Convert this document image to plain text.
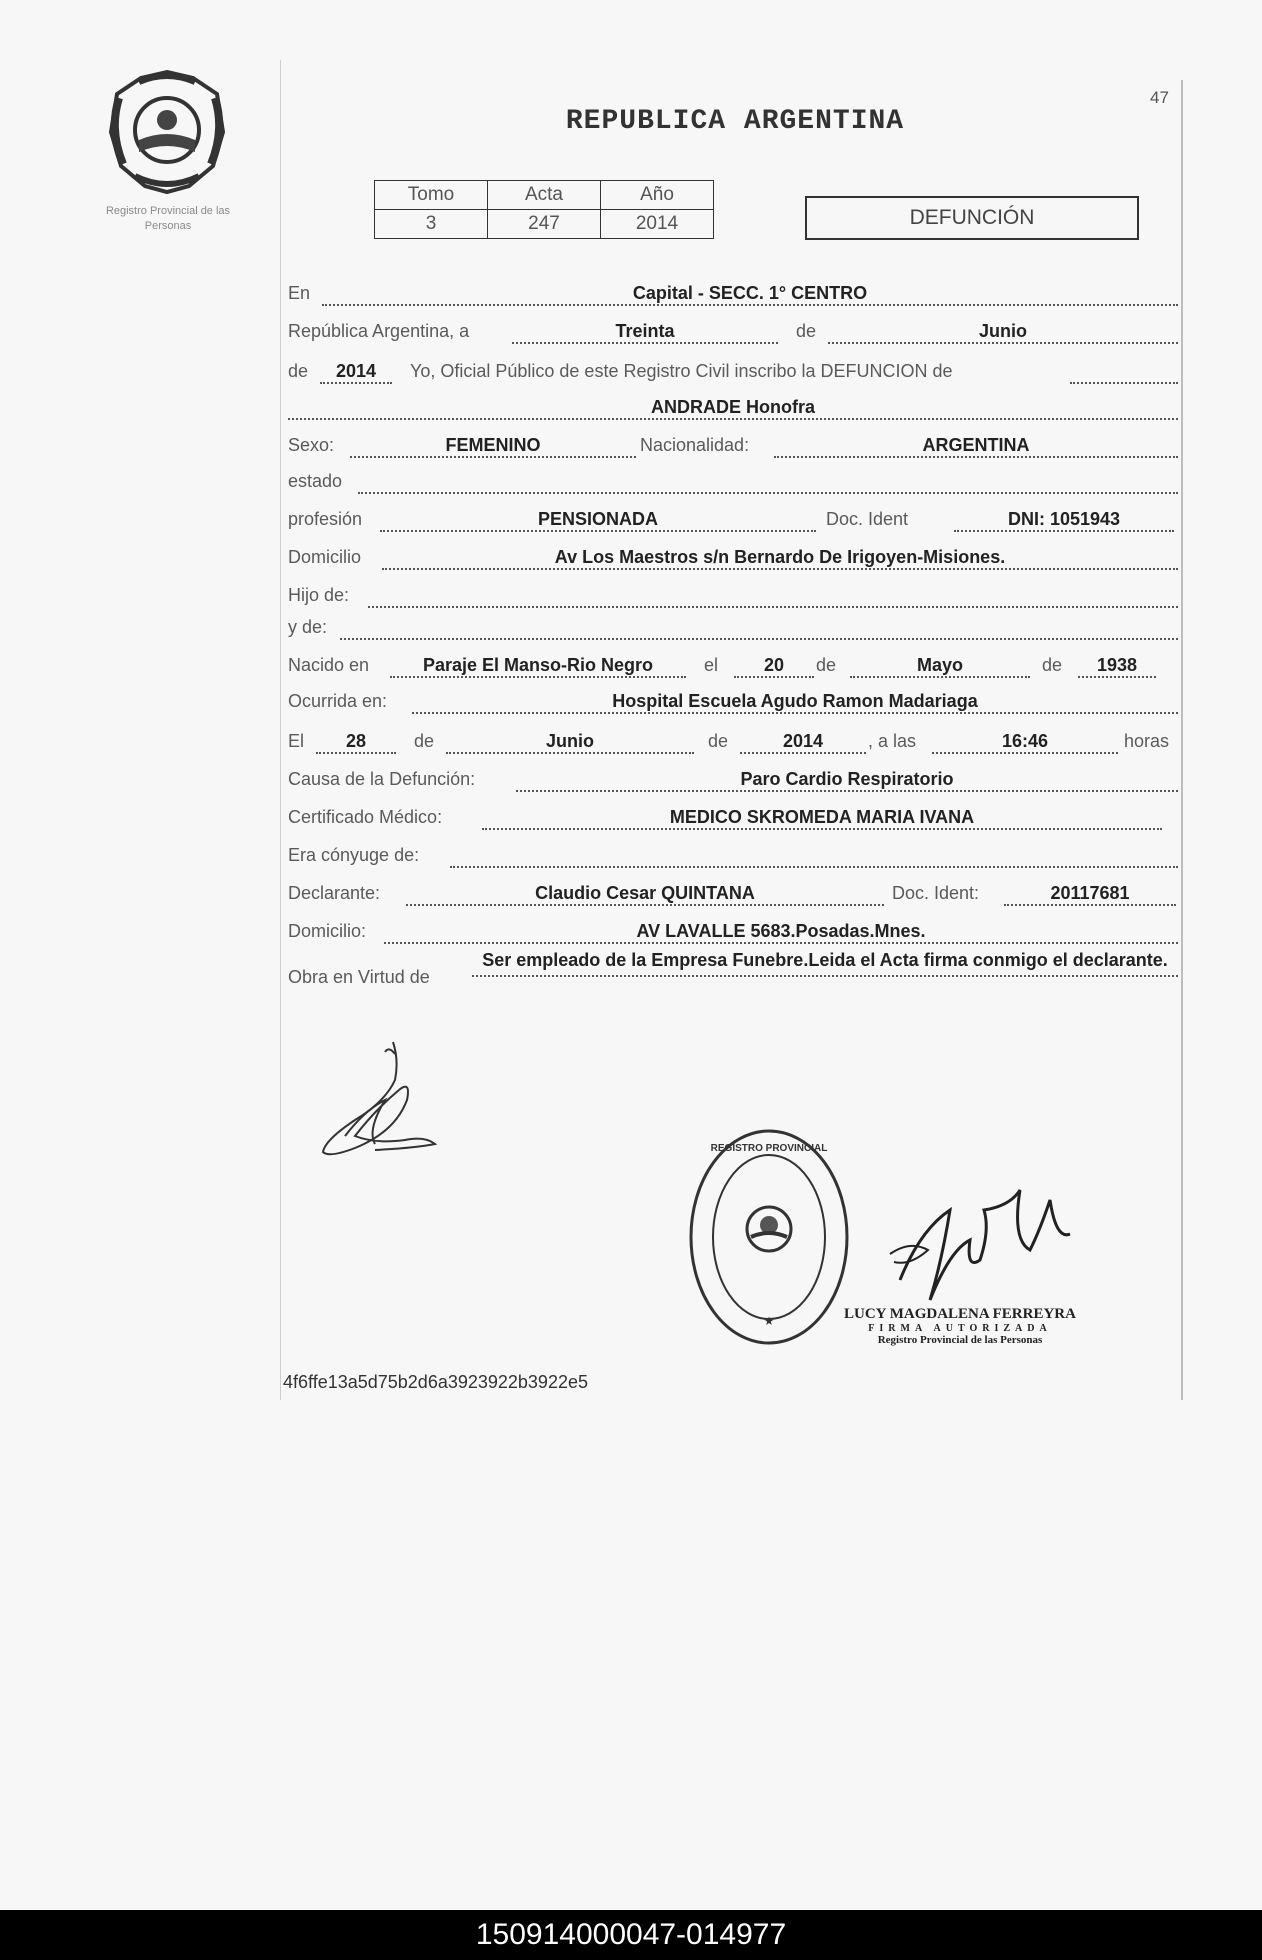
Registro Provincial de las Personas
REPUBLICA ARGENTINA
47
Tomo	Acta	Año
3	247	2014	DEFUNCIÓN
En	Capital - SECC. 1° CENTRO
República Argentina, a	Treinta	de	Junio
de	2014	Yo, Oficial Público de este Registro Civil inscribo la DEFUNCION de
ANDRADE Honofra
Sexo:	FEMENINO	Nacionalidad:	ARGENTINA
estado
profesión	PENSIONADA	Doc. Ident	DNI: 1051943
Domicilio	Av Los Maestros s/n Bernardo De Irigoyen-Misiones.
Hijo de:
y de:
Nacido en	Paraje El Manso-Rio Negro	el	20	de	Mayo	de	1938
Ocurrida en:	Hospital Escuela Agudo Ramon Madariaga
El	28	de	Junio	de	2014	, a las	16:46	horas
Causa de la Defunción:	Paro Cardio Respiratorio
Certificado Médico:	MEDICO SKROMEDA MARIA IVANA
Era cónyuge de:
Declarante:	Claudio Cesar QUINTANA	Doc. Ident:	20117681
Domicilio:	AV LAVALLE 5683.Posadas.Mnes.
Obra en Virtud de
Ser empleado de la Empresa Funebre.Leida el Acta firma conmigo el declarante.
REGISTRO PROVINCIAL
★	LUCY MAGDALENA FERREYRA
FIRMA AUTORIZADA
Registro Provincial de las Personas
4f6ffe13a5d75b2d6a3923922b3922e5
150914000047-014977
